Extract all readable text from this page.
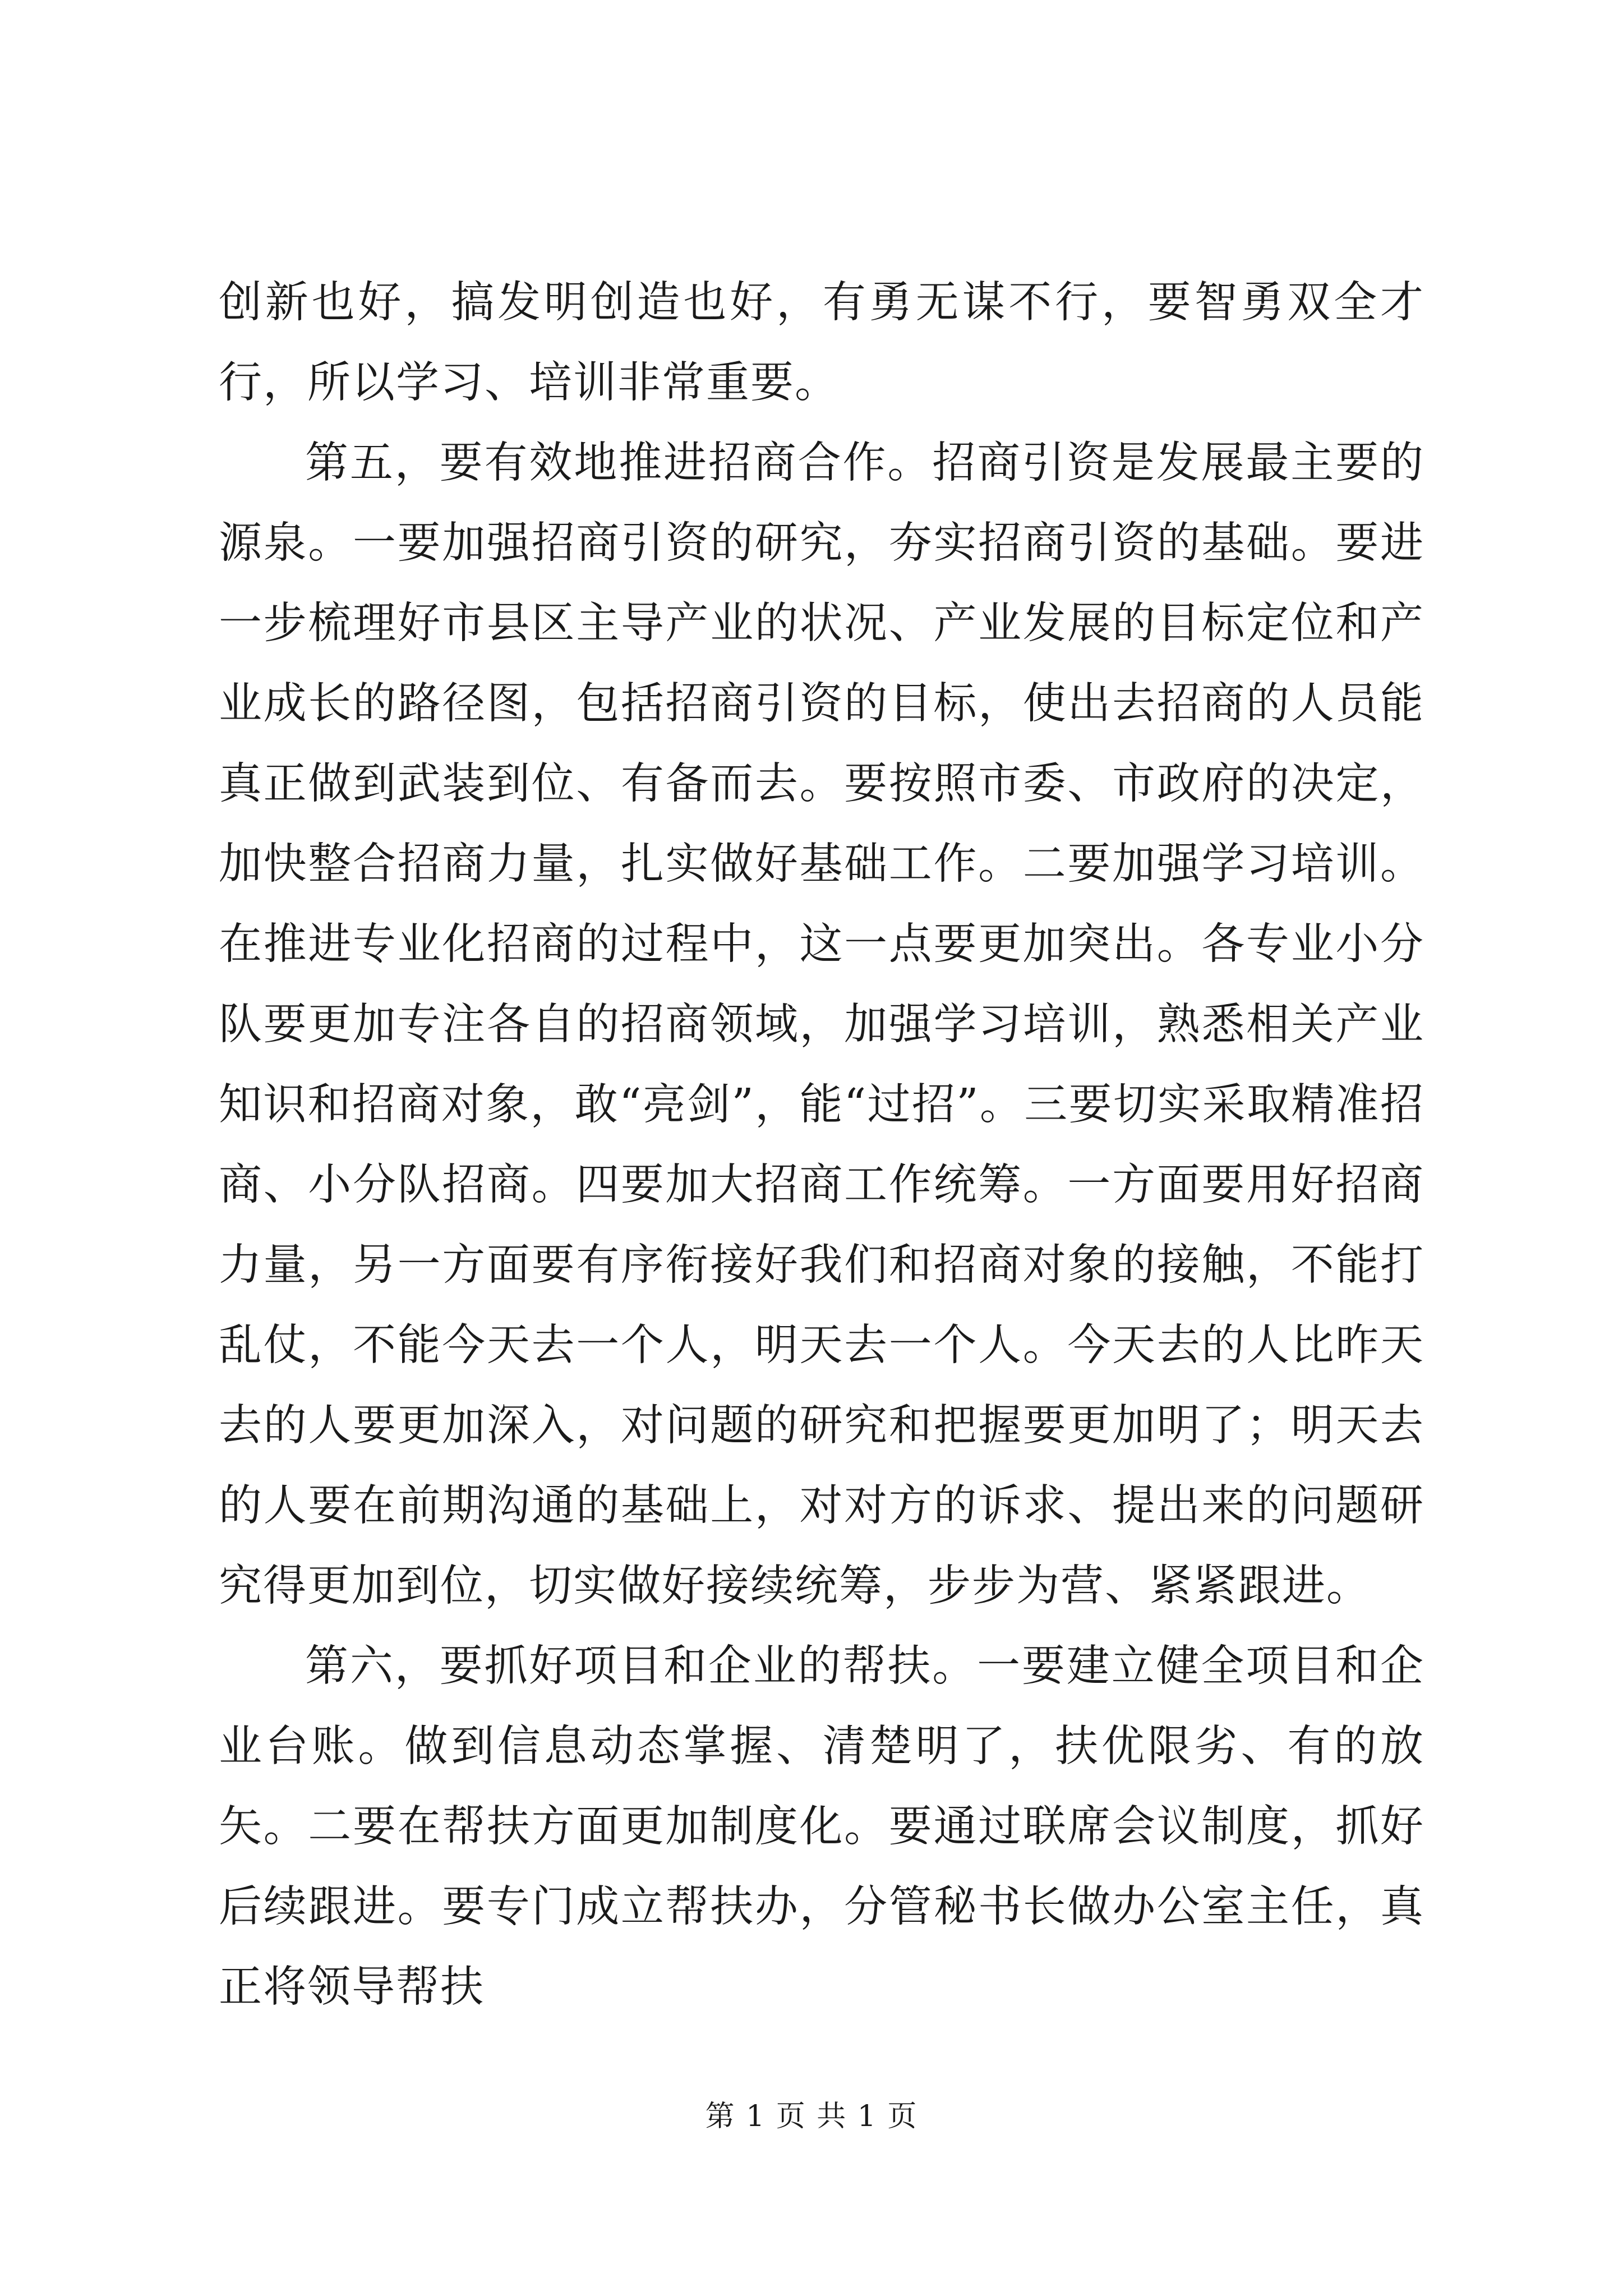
创新也好，搞发明创造也好，有勇无谋不行，要智勇双全才行，所以学习、培训非常重要。

第五，要有效地推进招商合作。招商引资是发展最主要的源泉。一要加强招商引资的研究，夯实招商引资的基础。要进一步梳理好市县区主导产业的状况、产业发展的目标定位和产业成长的路径图，包括招商引资的目标，使出去招商的人员能真正做到武装到位、有备而去。要按照市委、市政府的决定，加快整合招商力量，扎实做好基础工作。二要加强学习培训。在推进专业化招商的过程中，这一点要更加突出。各专业小分队要更加专注各自的招商领域，加强学习培训，熟悉相关产业知识和招商对象，敢“亮剑”，能“过招”。三要切实采取精准招商、小分队招商。四要加大招商工作统筹。一方面要用好招商力量，另一方面要有序衔接好我们和招商对象的接触，不能打乱仗，不能今天去一个人，明天去一个人。今天去的人比昨天去的人要更加深入，对问题的研究和把握要更加明了；明天去的人要在前期沟通的基础上，对对方的诉求、提出来的问题研究得更加到位，切实做好接续统筹，步步为营、紧紧跟进。

第六，要抓好项目和企业的帮扶。一要建立健全项目和企业台账。做到信息动态掌握、清楚明了，扶优限劣、有的放矢。二要在帮扶方面更加制度化。要通过联席会议制度，抓好后续跟进。要专门成立帮扶办，分管秘书长做办公室主任，真正将领导帮扶

第 1 页 共 1 页
